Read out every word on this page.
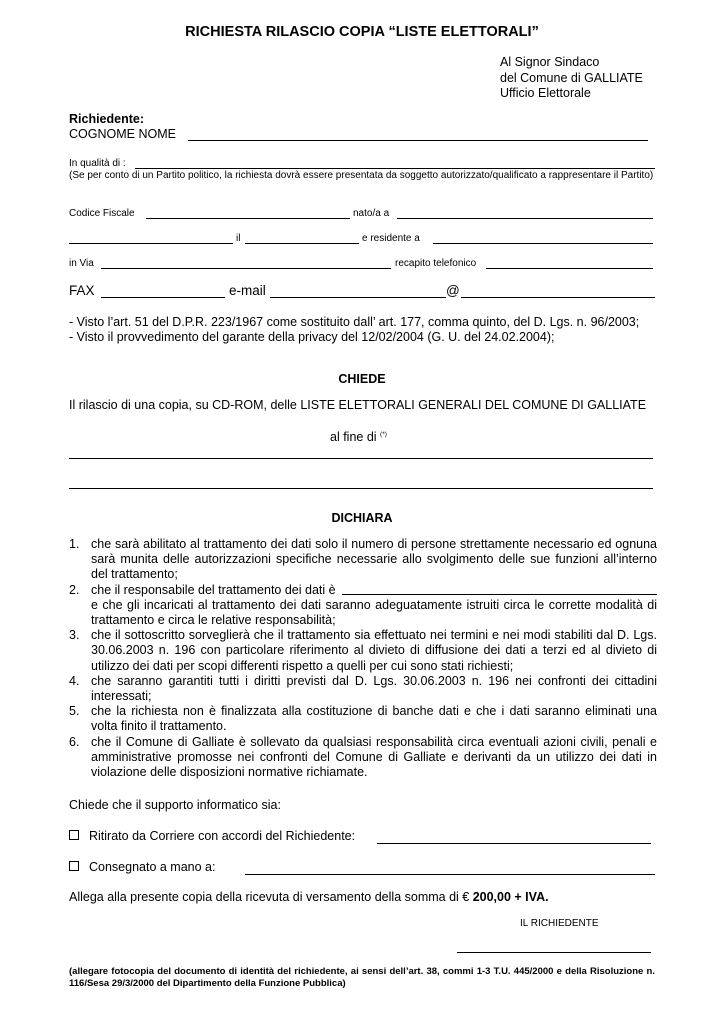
RICHIESTA RILASCIO COPIA “LISTE ELETTORALI”
Al Signor Sindaco
del Comune di GALLIATE
Ufficio Elettorale
Richiedente:
COGNOME NOME
In qualità di :
(Se per conto di un Partito politico, la richiesta dovrà essere presentata da soggetto autorizzato/qualificato a rappresentare il Partito)
Codice Fiscale	nato/a a
il	e residente a
in Via	recapito telefonico
FAX	e-mail	@
- Visto l’art. 51 del D.P.R. 223/1967 come sostituito dall’ art. 177, comma quinto, del D. Lgs. n. 96/2003;
- Visto il provvedimento del garante della privacy del 12/02/2004 (G. U. del 24.02.2004);
CHIEDE
Il rilascio di una copia, su CD-ROM, delle LISTE ELETTORALI GENERALI DEL COMUNE DI GALLIATE
al fine di (*)
DICHIARA
1. che sarà abilitato al trattamento dei dati solo il numero di persone strettamente necessario ed ognuna sarà munita delle autorizzazioni specifiche necessarie allo svolgimento delle sue funzioni all’interno del trattamento;
2. che il responsabile del trattamento dei dati è
e che gli incaricati al trattamento dei dati saranno adeguatamente istruiti circa le corrette modalità di trattamento e circa le relative responsabilità;
3. che il sottoscritto sorveglierà che il trattamento sia effettuato nei termini e nei modi stabiliti dal D. Lgs. 30.06.2003 n. 196 con particolare riferimento al divieto di diffusione dei dati a terzi ed al divieto di utilizzo dei dati per scopi differenti rispetto a quelli per cui sono stati richiesti;
4. che saranno garantiti tutti i diritti previsti dal D. Lgs. 30.06.2003 n. 196 nei confronti dei cittadini interessati;
5. che la richiesta non è finalizzata alla costituzione di banche dati e che i dati saranno eliminati una volta finito il trattamento.
6. che il Comune di Galliate è sollevato da qualsiasi responsabilità circa eventuali azioni civili, penali e amministrative promosse nei confronti del Comune di Galliate e derivanti da un utilizzo dei dati in violazione delle disposizioni normative richiamate.
Chiede che il supporto informatico sia:
Ritirato da Corriere con accordi del Richiedente:
Consegnato a mano a:
Allega alla presente copia della ricevuta di versamento della somma di € 200,00 + IVA.
IL RICHIEDENTE
(allegare fotocopia del documento di identità del richiedente, ai sensi dell’art. 38, commi 1-3 T.U. 445/2000 e della Risoluzione n. 116/Sesa 29/3/2000 del Dipartimento della Funzione Pubblica)
